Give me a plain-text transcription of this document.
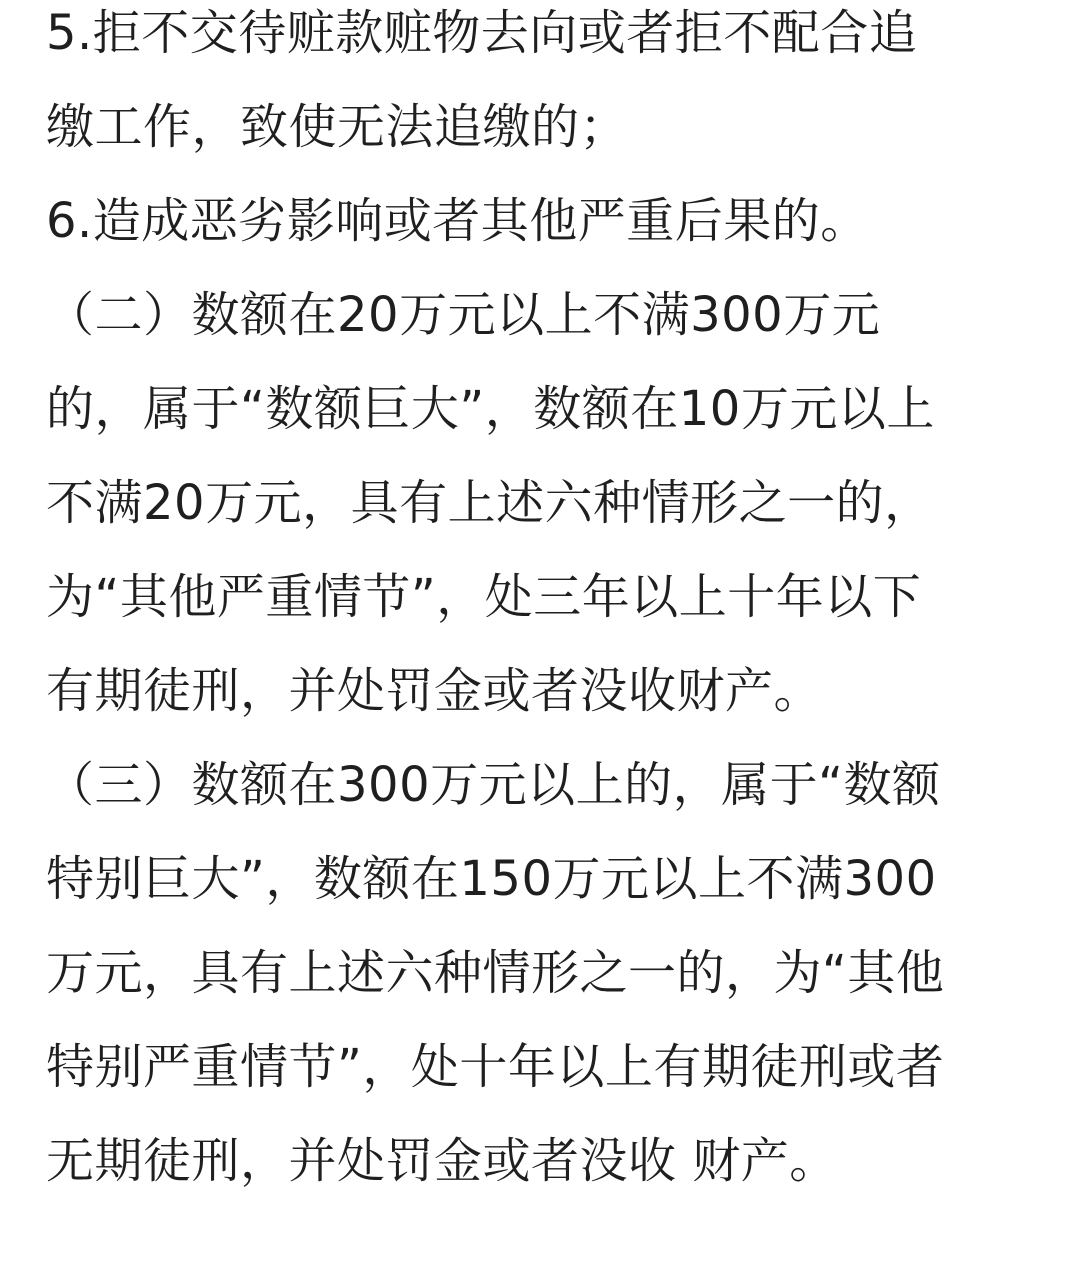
5.拒不交待赃款赃物去向或者拒不配合追
缴工作，致使无法追缴的；
6.造成恶劣影响或者其他严重后果的。
（二）数额在20万元以上不满300万元
的，属于“数额巨大”，数额在10万元以上
不满20万元，具有上述六种情形之一的，
为“其他严重情节”，处三年以上十年以下
有期徒刑，并处罚金或者没收财产。
（三）数额在300万元以上的，属于“数额
特别巨大”，数额在150万元以上不满300
万元，具有上述六种情形之一的，为“其他
特别严重情节”，处十年以上有期徒刑或者
无期徒刑，并处罚金或者没收 财产。
